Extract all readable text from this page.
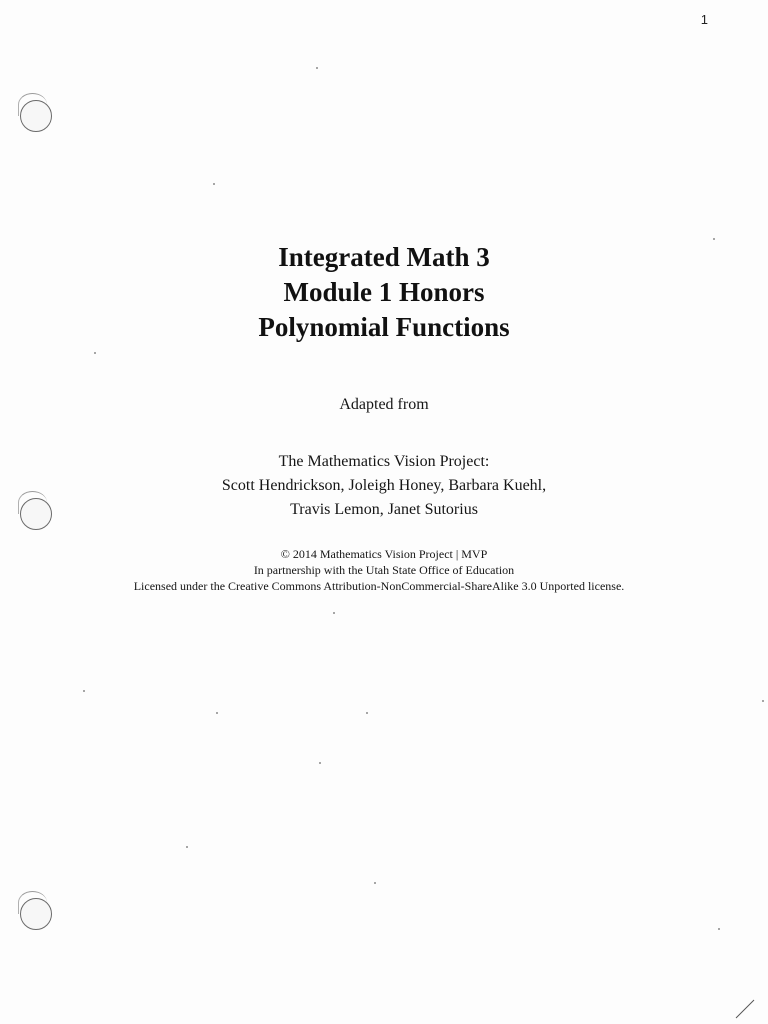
1
Integrated Math 3
Module 1 Honors
Polynomial Functions
Adapted from
The Mathematics Vision Project:
Scott Hendrickson, Joleigh Honey, Barbara Kuehl,
Travis Lemon, Janet Sutorius
© 2014 Mathematics Vision Project | MVP
In partnership with the Utah State Office of Education
Licensed under the Creative Commons Attribution-NonCommercial-ShareAlike 3.0 Unported license.
